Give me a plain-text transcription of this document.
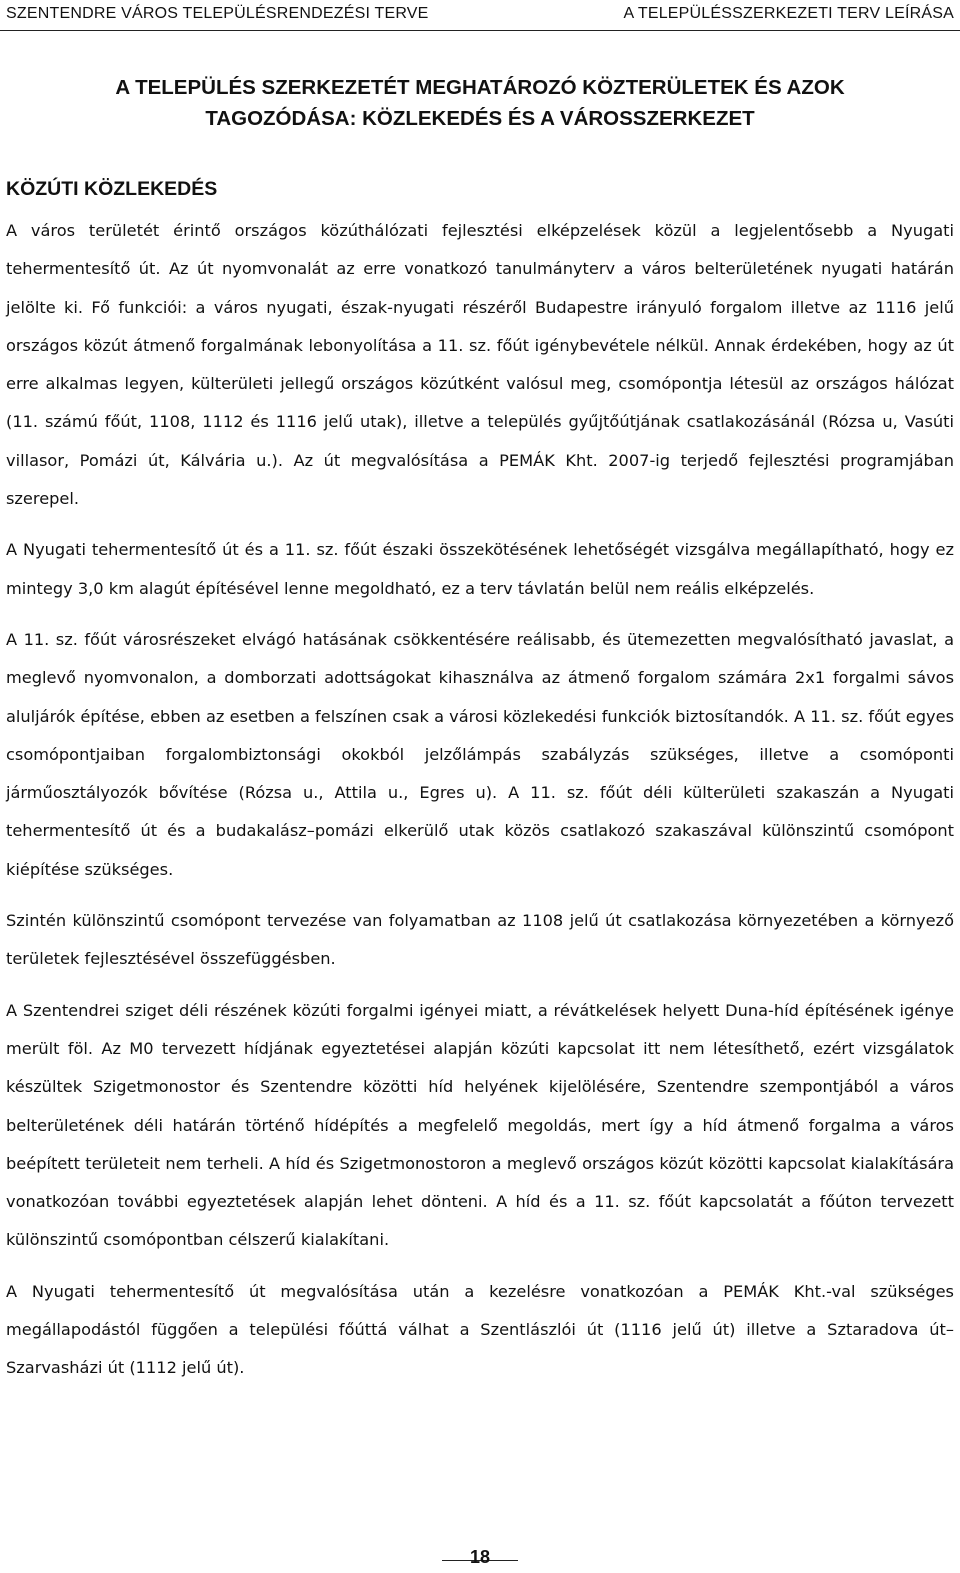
SZENTENDRE VÁROS TELEPÜLÉSRENDEZÉSI TERVE	A TELEPÜLÉSSZERKEZETI TERV LEÍRÁSA
A TELEPÜLÉS SZERKEZETÉT MEGHATÁROZÓ KÖZTERÜLETEK ÉS AZOK
TAGOZÓDÁSA: KÖZLEKEDÉS ÉS A VÁROSSZERKEZET
KÖZÚTI KÖZLEKEDÉS

A város területét érintő országos közúthálózati fejlesztési elképzelések közül a legjelentősebb a Nyugati tehermentesítő út. Az út nyomvonalát az erre vonatkozó tanulmányterv a város belterületének nyugati határán jelölte ki. Fő funkciói: a város nyugati, észak-nyugati részéről Budapestre irányuló forgalom illetve az 1116 jelű országos közút átmenő forgalmának lebonyolítása a 11. sz. főút igénybevétele nélkül. Annak érdekében, hogy az út erre alkalmas legyen, külterületi jellegű országos közútként valósul meg, csomópontja létesül az országos hálózat (11. számú főút, 1108, 1112 és 1116 jelű utak), illetve a település gyűjtőútjának csatlakozásánál (Rózsa u, Vasúti villasor, Pomázi út, Kálvária u.). Az út megvalósítása a PEMÁK Kht. 2007-ig terjedő fejlesztési programjában szerepel.

A Nyugati tehermentesítő út és a 11. sz. főút északi összekötésének lehetőségét vizsgálva megállapítható, hogy ez mintegy 3,0 km alagút építésével lenne megoldható, ez a terv távlatán belül nem reális elképzelés.

A 11. sz. főút városrészeket elvágó hatásának csökkentésére reálisabb, és ütemezetten megvalósítható javaslat, a meglevő nyomvonalon, a domborzati adottságokat kihasználva az átmenő forgalom számára 2x1 forgalmi sávos aluljárók építése, ebben az esetben a felszínen csak a városi közlekedési funkciók biztosítandók. A 11. sz. főút egyes csomópontjaiban forgalombiztonsági okokból jelzőlámpás szabályzás szükséges, illetve a csomóponti járműosztályozók bővítése (Rózsa u., Attila u., Egres u). A 11. sz. főút déli külterületi szakaszán a Nyugati tehermentesítő út és a budakalász–pomázi elkerülő utak közös csatlakozó szakaszával különszintű csomópont kiépítése szükséges.

Szintén különszintű csomópont tervezése van folyamatban az 1108 jelű út csatlakozása környezetében a környező területek fejlesztésével összefüggésben.

A Szentendrei sziget déli részének közúti forgalmi igényei miatt, a révátkelések helyett Duna-híd építésének igénye merült föl. Az M0 tervezett hídjának egyeztetései alapján közúti kapcsolat itt nem létesíthető, ezért vizsgálatok készültek Szigetmonostor és Szentendre közötti híd helyének kijelölésére, Szentendre szempontjából a város belterületének déli határán történő hídépítés a megfelelő megoldás, mert így a híd átmenő forgalma a város beépített területeit nem terheli. A híd és Szigetmonostoron a meglevő országos közút közötti kapcsolat kialakítására vonatkozóan további egyeztetések alapján lehet dönteni. A híd és a 11. sz. főút kapcsolatát a főúton tervezett különszintű csomópontban célszerű kialakítani.

A Nyugati tehermentesítő út megvalósítása után a kezelésre vonatkozóan a PEMÁK Kht.-val szükséges megállapodástól függően a települési főúttá válhat a Szentlászlói út (1116 jelű út) illetve a Sztaradova út–Szarvasházi út (1112 jelű út).

18
